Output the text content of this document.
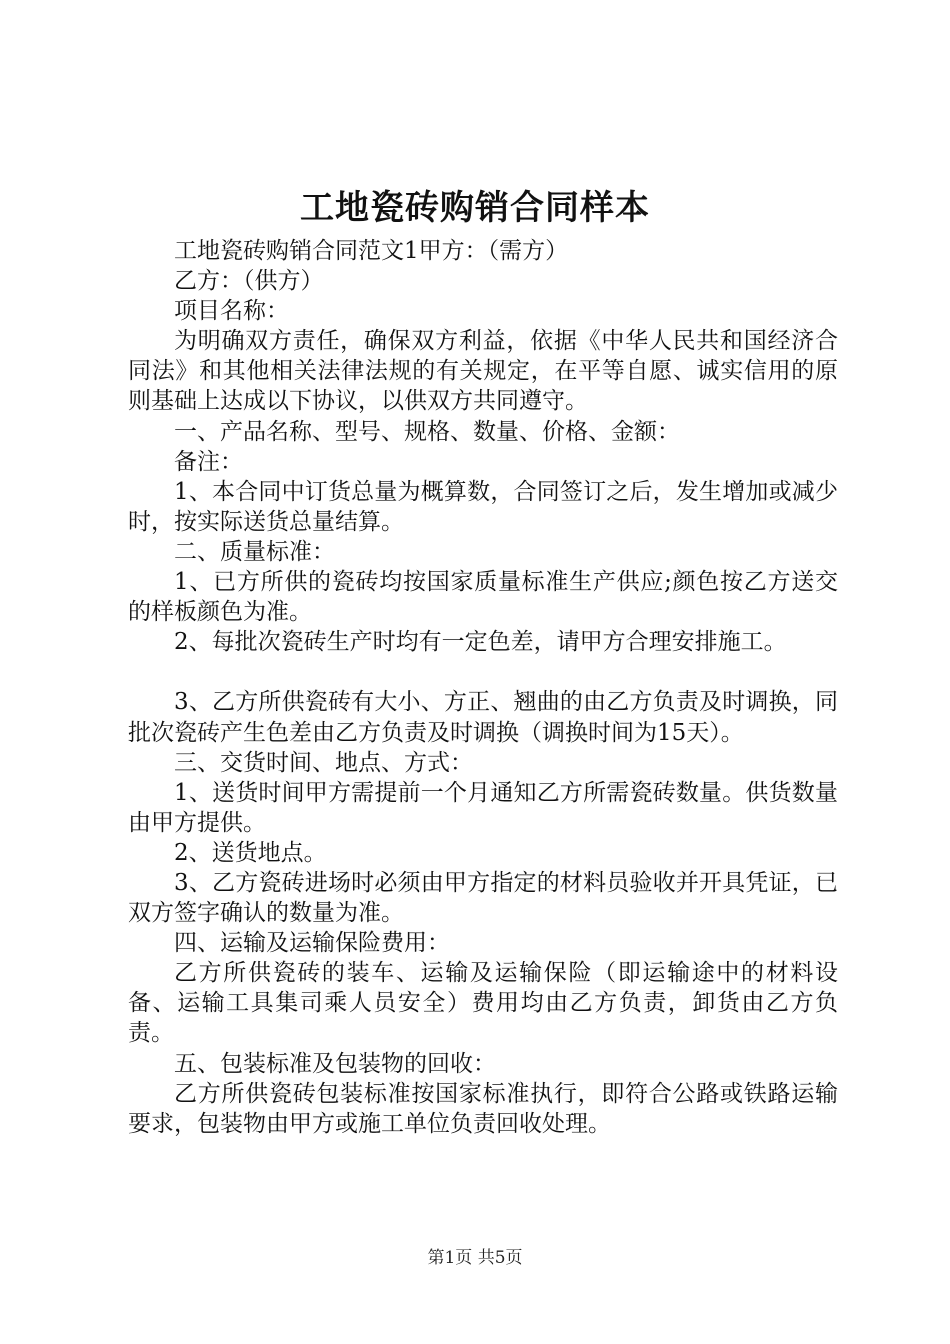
工地瓷砖购销合同样本

工地瓷砖购销合同范文1甲方：（需方）

乙方：（供方）

项目名称：

为明确双方责任，确保双方利益，依据《中华人民共和国经济合同法》和其他相关法律法规的有关规定，在平等自愿、诚实信用的原则基础上达成以下协议，以供双方共同遵守。

一、产品名称、型号、规格、数量、价格、金额：

备注：

1、本合同中订货总量为概算数，合同签订之后，发生增加或减少时，按实际送货总量结算。

二、质量标准：

1、已方所供的瓷砖均按国家质量标准生产供应;颜色按乙方送交的样板颜色为准。

2、每批次瓷砖生产时均有一定色差，请甲方合理安排施工。

3、乙方所供瓷砖有大小、方正、翘曲的由乙方负责及时调换，同批次瓷砖产生色差由乙方负责及时调换（调换时间为15天）。

三、交货时间、地点、方式：

1、送货时间甲方需提前一个月通知乙方所需瓷砖数量。供货数量由甲方提供。

2、送货地点。

3、乙方瓷砖进场时必须由甲方指定的材料员验收并开具凭证，已双方签字确认的数量为准。

四、运输及运输保险费用：

乙方所供瓷砖的装车、运输及运输保险（即运输途中的材料设备、运输工具集司乘人员安全）费用均由乙方负责，卸货由乙方负责。

五、包装标准及包装物的回收：

乙方所供瓷砖包装标准按国家标准执行，即符合公路或铁路运输要求，包装物由甲方或施工单位负责回收处理。

第1页 共5页
